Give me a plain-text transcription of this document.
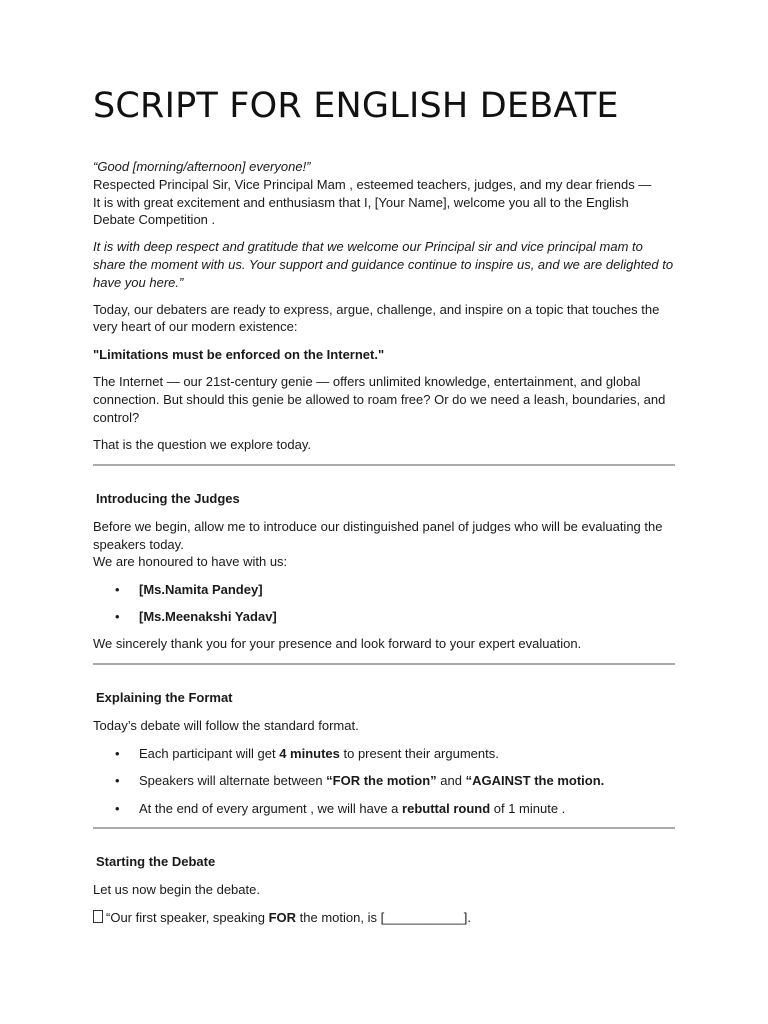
SCRIPT FOR ENGLISH DEBATE
“Good [morning/afternoon] everyone!”
Respected Principal Sir, Vice Principal Mam , esteemed teachers, judges, and my dear friends —
It is with great excitement and enthusiasm that I, [Your Name], welcome you all to the English
Debate Competition .
It is with deep respect and gratitude that we welcome our Principal sir and vice principal mam to
share the moment with us. Your support and guidance continue to inspire us, and we are delighted to
have you here.”
Today, our debaters are ready to express, argue, challenge, and inspire on a topic that touches the
very heart of our modern existence:
"Limitations must be enforced on the Internet."
The Internet — our 21st-century genie — offers unlimited knowledge, entertainment, and global
connection. But should this genie be allowed to roam free? Or do we need a leash, boundaries, and
control?
That is the question we explore today.
Introducing the Judges
Before we begin, allow me to introduce our distinguished panel of judges who will be evaluating the
speakers today.
We are honoured to have with us:
• [Ms.Namita Pandey]
• [Ms.Meenakshi Yadav]
We sincerely thank you for your presence and look forward to your expert evaluation.
Explaining the Format
Today’s debate will follow the standard format.
• Each participant will get 4 minutes to present their arguments.
• Speakers will alternate between “FOR the motion” and “AGAINST the motion.
• At the end of every argument , we will have a rebuttal round of 1 minute .
Starting the Debate
Let us now begin the debate.
“Our first speaker, speaking FOR the motion, is [___________].
